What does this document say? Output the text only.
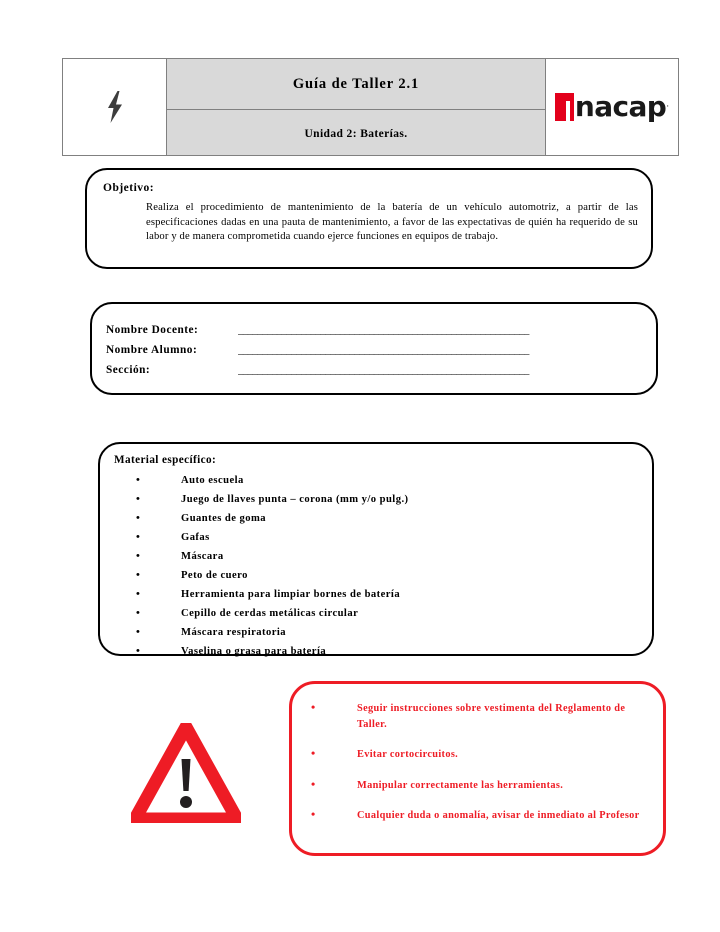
	Guía de Taller 2.1	
nacap ·

Unidad 2: Baterías.
Objetivo:
Realiza el procedimiento de mantenimiento de la batería de un vehículo automotriz, a partir de las especificaciones dadas en una pauta de mantenimiento, a favor de las expectativas de quién ha requerido de su labor y de manera comprometida cuando ejerce funciones en equipos de trabajo.
Nombre Docente:	____________________________________________________________
Nombre Alumno:	____________________________________________________________
Sección:	____________________________________________________________
Material específico:
• Auto escuela
• Juego de llaves punta – corona (mm y/o pulg.)
• Guantes de goma
• Gafas
• Máscara
• Peto de cuero
• Herramienta para limpiar bornes de batería
• Cepillo de cerdas metálicas circular
• Máscara respiratoria
• Vaselina o grasa para batería
• Seguir instrucciones sobre vestimenta del Reglamento de Taller.
• Evitar cortocircuitos.
• Manipular correctamente las herramientas.
• Cualquier duda o anomalía, avisar de inmediato al Profesor
